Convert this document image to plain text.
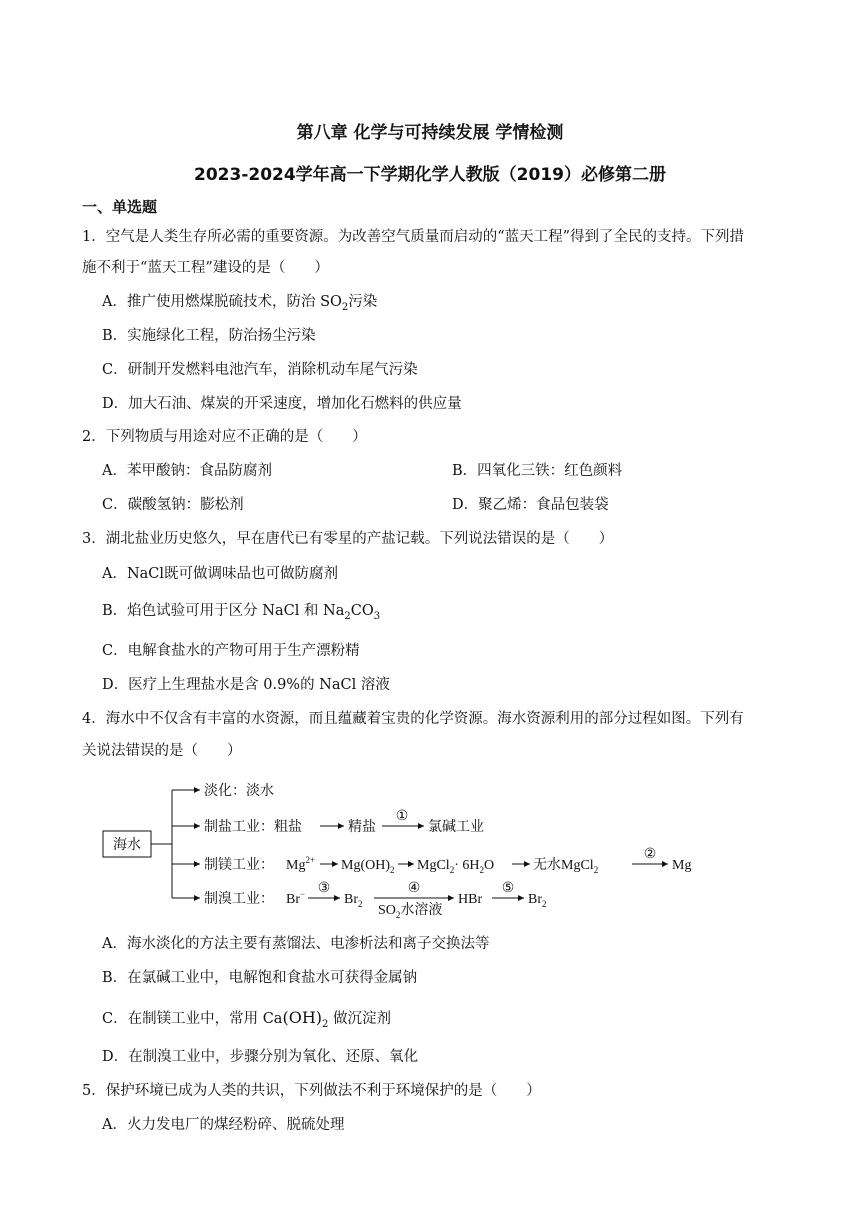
第八章 化学与可持续发展 学情检测
2023-2024学年高一下学期化学人教版（2019）必修第二册
一、单选题
1．空气是人类生存所必需的重要资源。为改善空气质量而启动的“蓝天工程”得到了全民的支持。下列措
施不利于“蓝天工程”建设的是（　　）
A．推广使用燃煤脱硫技术，防治 $SO_2$污染
B．实施绿化工程，防治扬尘污染
C．研制开发燃料电池汽车，消除机动车尾气污染
D．加大石油、煤炭的开采速度，增加化石燃料的供应量
2．下列物质与用途对应不正确的是（　　）
A．苯甲酸钠：食品防腐剂	B．四氧化三铁：红色颜料
C．碳酸氢钠：膨松剂	D．聚乙烯：食品包装袋
3．湖北盐业历史悠久，早在唐代已有零星的产盐记载。下列说法错误的是（　　）
A．NaCl既可做调味品也可做防腐剂
B．焰色试验可用于区分 NaCl 和 $Na_2CO_3$
C．电解食盐水的产物可用于生产漂粉精
D．医疗上生理盐水是含 0.9%的 NaCl 溶液
4．海水中不仅含有丰富的水资源，而且蕴藏着宝贵的化学资源。海水资源利用的部分过程如图。下列有
关说法错误的是（　　）
海水
淡化：淡水
制盐工业：粗盐	精盐
①
氯碱工业
制镁工业： $Mg^{2+}$ $Mg(OH)_2$ MgCl$_2$· $6H_2O$	无水MgCl$_2$
②
Mg
制溴工业： Br− ③
$Br_2$
④
$SO_2$水溶液
HBr
⑤
$Br_2$
A．海水淡化的方法主要有蒸馏法、电渗析法和离子交换法等
B．在氯碱工业中，电解饱和食盐水可获得金属钠
C．在制镁工业中，常用 $Ca(OH)_2$ 做沉淀剂
D．在制溴工业中，步骤分别为氧化、还原、氧化
5．保护环境已成为人类的共识，下列做法不利于环境保护的是（　　）
A．火力发电厂的煤经粉碎、脱硫处理
